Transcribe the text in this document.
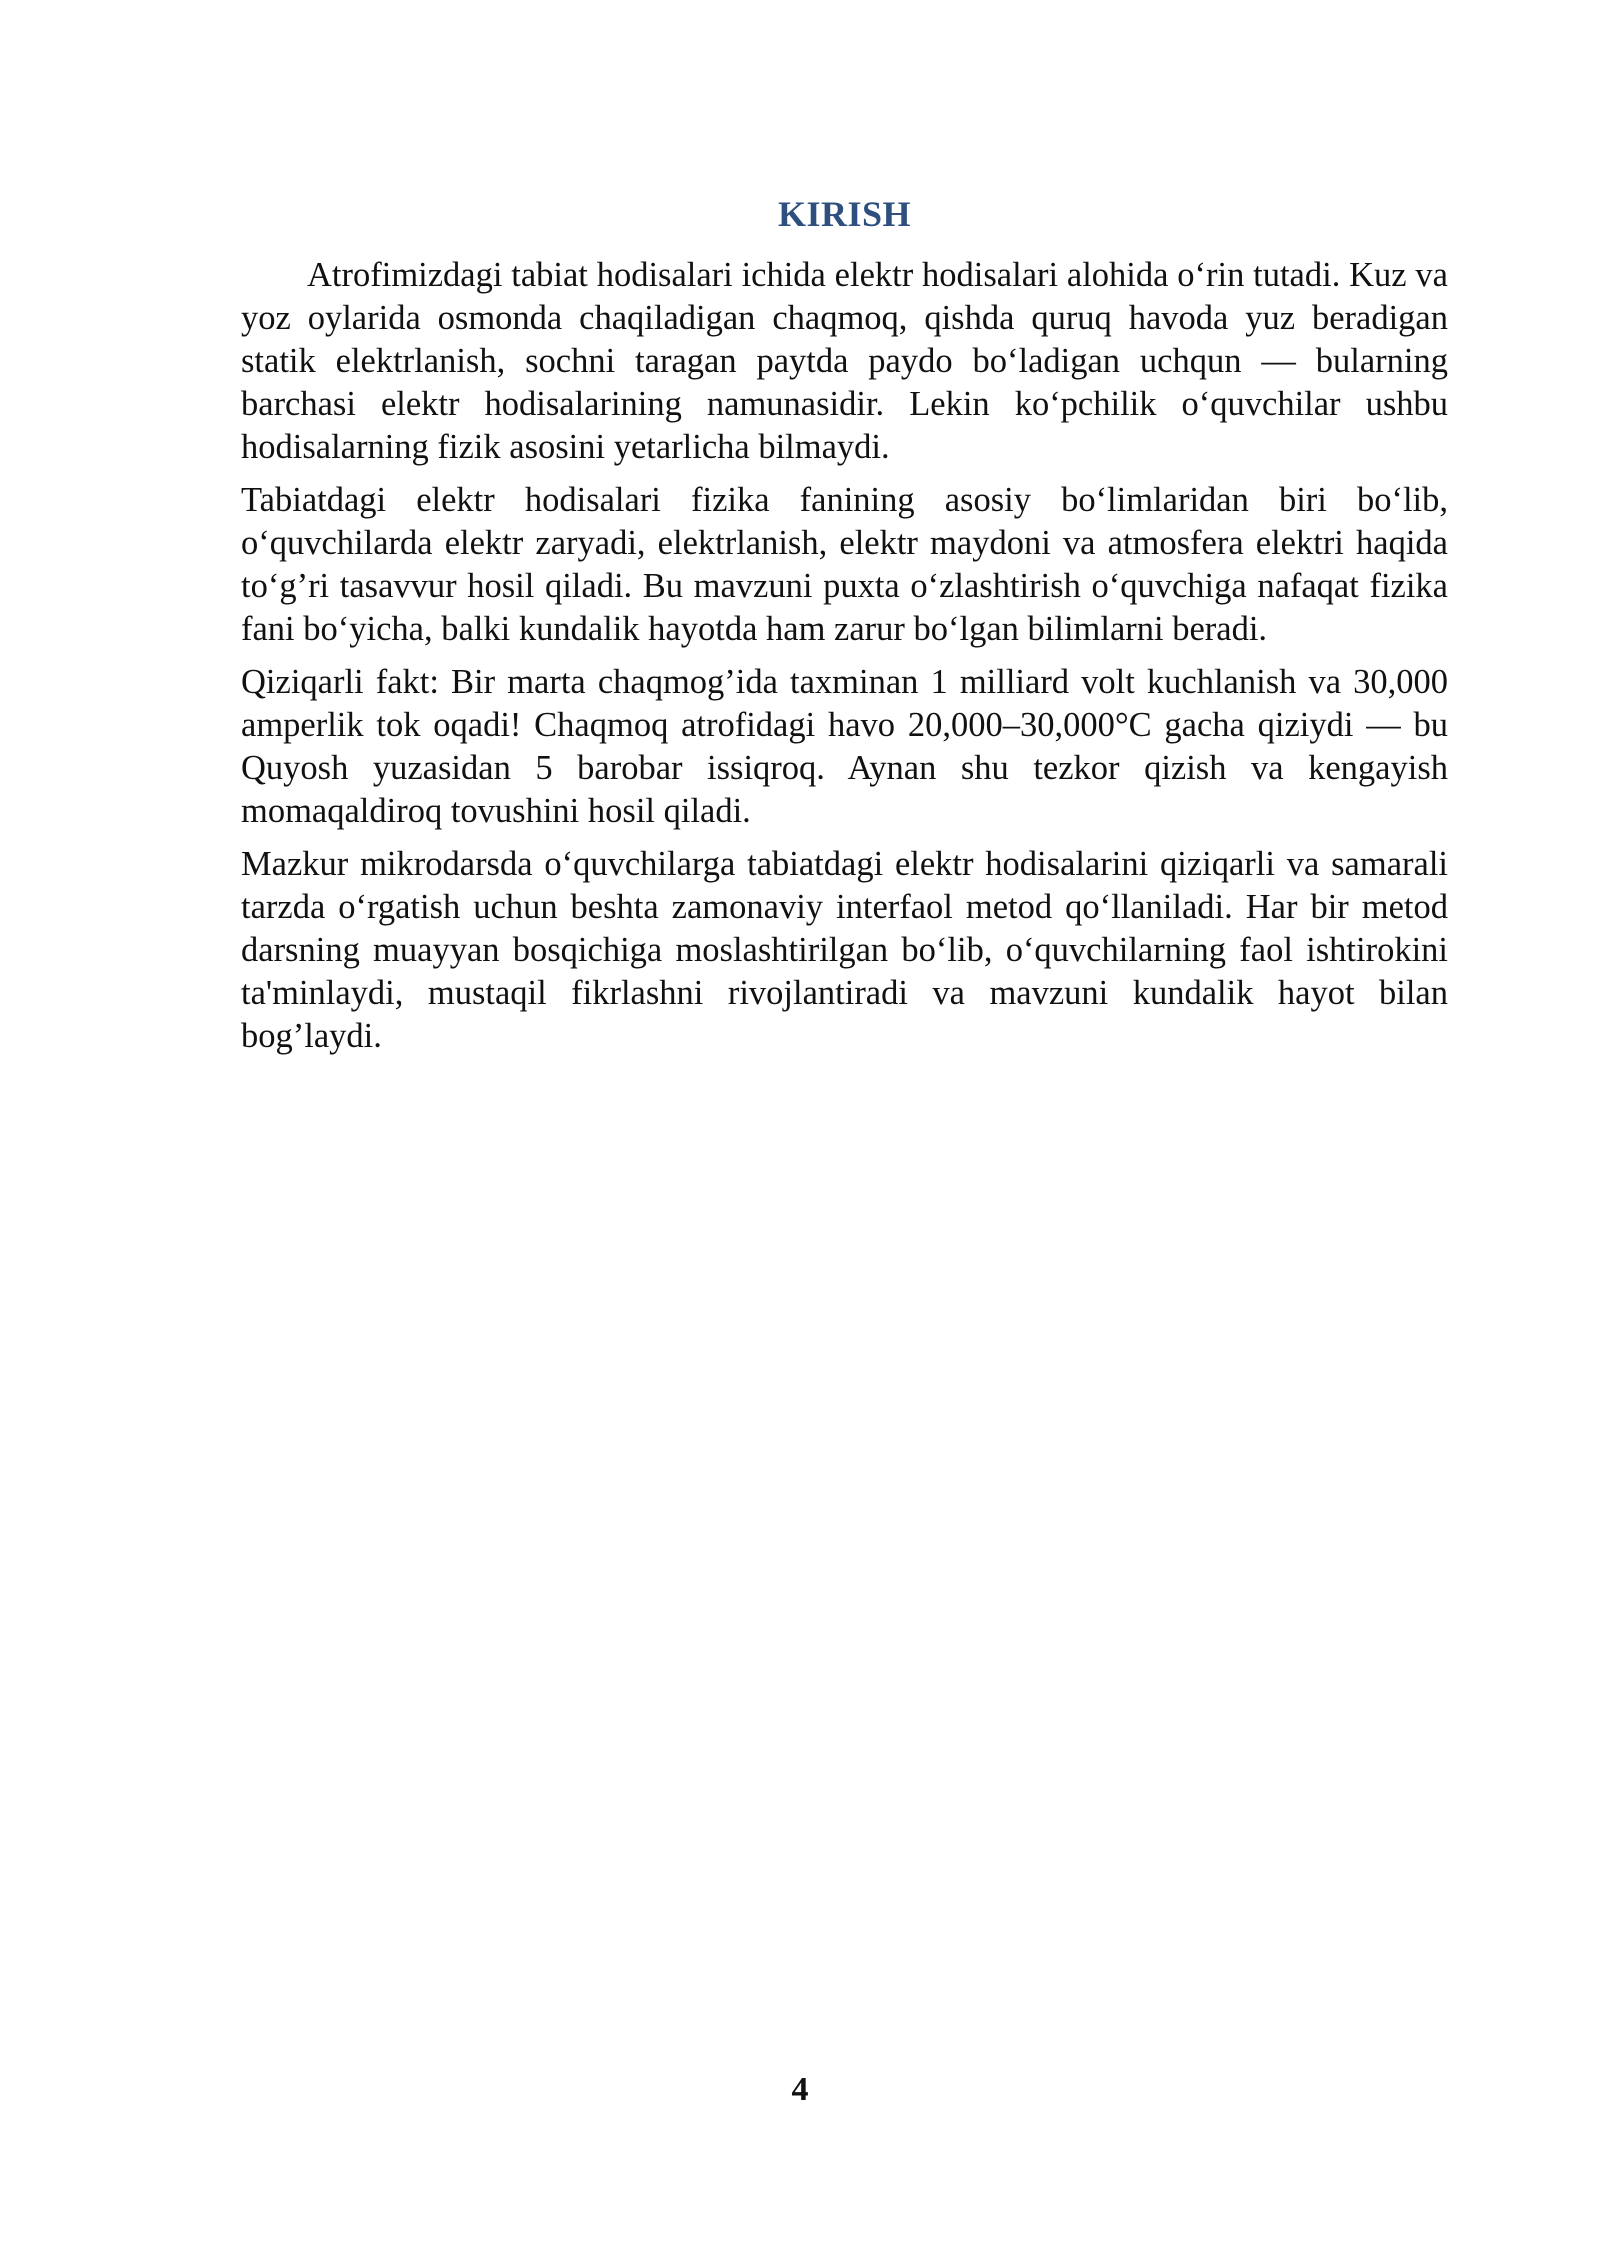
KIRISH

Atrofimizdagi tabiat hodisalari ichida elektr hodisalari alohida o‘rin tutadi. Kuz va yoz oylarida osmonda chaqiladigan chaqmoq, qishda quruq havoda yuz beradigan statik elektrlanish, sochni taragan paytda paydo bo‘ladigan uchqun — bularning barchasi elektr hodisalarining namunasidir. Lekin ko‘pchilik o‘quvchilar ushbu hodisalarning fizik asosini yetarlicha bilmaydi.

Tabiatdagi elektr hodisalari fizika fanining asosiy bo‘limlaridan biri bo‘lib, o‘quvchilarda elektr zaryadi, elektrlanish, elektr maydoni va atmosfera elektri haqida to‘g’ri tasavvur hosil qiladi. Bu mavzuni puxta o‘zlashtirish o‘quvchiga nafaqat fizika fani bo‘yicha, balki kundalik hayotda ham zarur bo‘lgan bilimlarni beradi.

Qiziqarli fakt: Bir marta chaqmog’ida taxminan 1 milliard volt kuchlanish va 30,000 amperlik tok oqadi! Chaqmoq atrofidagi havo 20,000–30,000°C gacha qiziydi — bu Quyosh yuzasidan 5 barobar issiqroq. Aynan shu tezkor qizish va kengayish momaqaldiroq tovushini hosil qiladi.

Mazkur mikrodarsda o‘quvchilarga tabiatdagi elektr hodisalarini qiziqarli va samarali tarzda o‘rgatish uchun beshta zamonaviy interfaol metod qo‘llaniladi. Har bir metod darsning muayyan bosqichiga moslashtirilgan bo‘lib, o‘quvchilarning faol ishtirokini ta'minlaydi, mustaqil fikrlashni rivojlantiradi va mavzuni kundalik hayot bilan bog’laydi.

4
